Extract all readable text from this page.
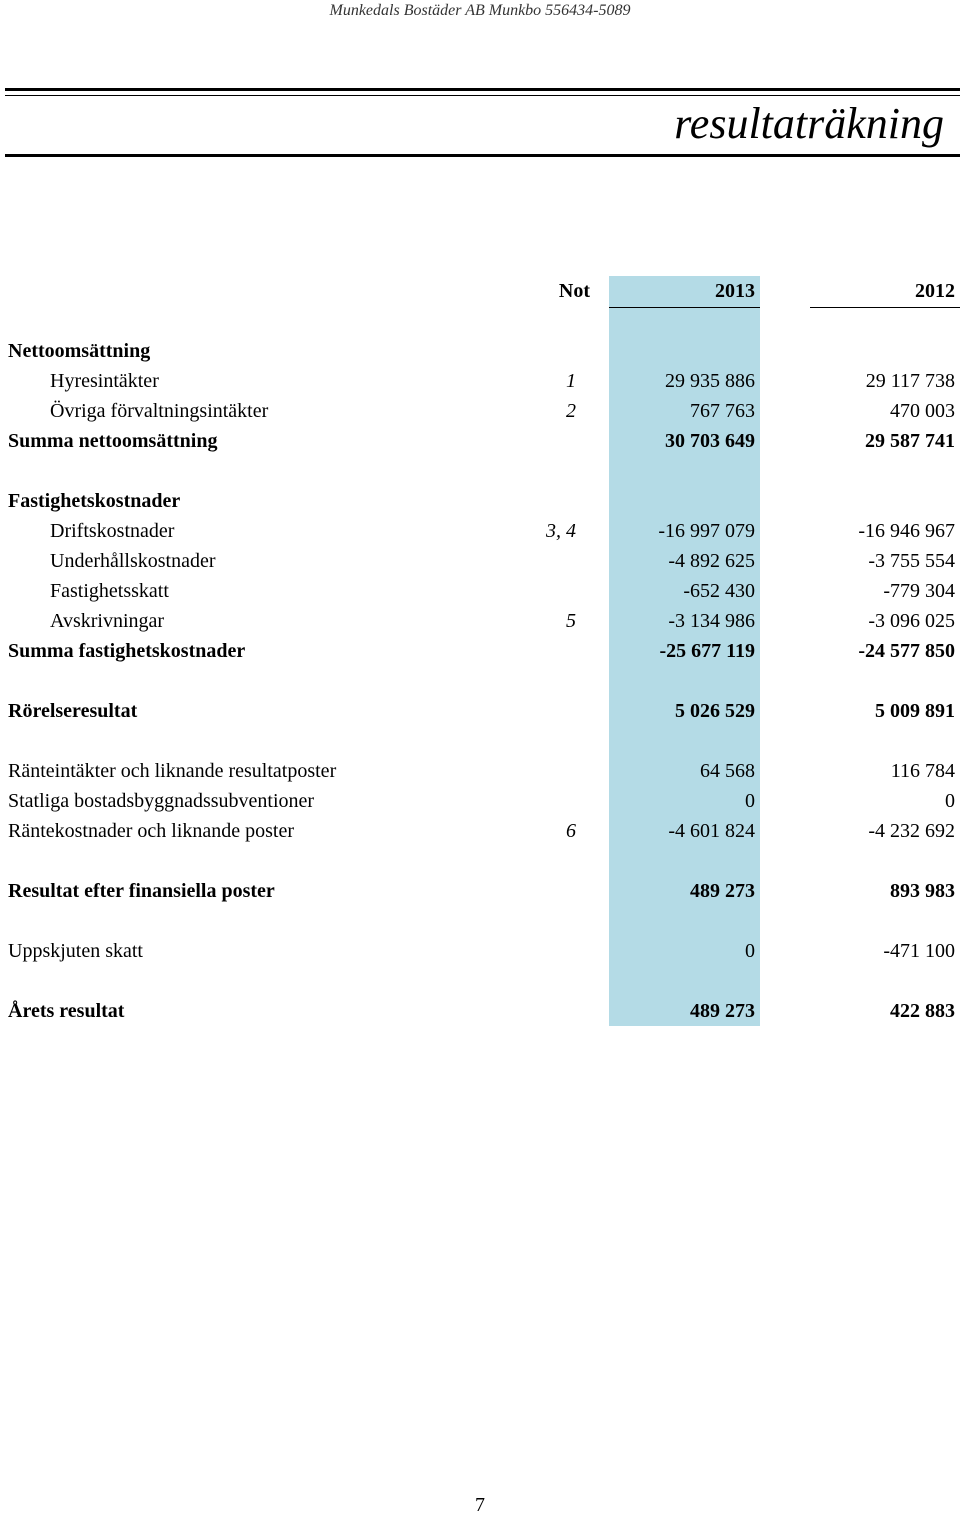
Munkedals Bostäder AB Munkbo 556434-5089
resultaträkning
Not	2013	2012
Nettoomsättning
Hyresintäkter	1	29 935 886	29 117 738
Övriga förvaltningsintäkter	2	767 763	470 003
Summa nettoomsättning	30 703 649	29 587 741
Fastighetskostnader
Driftskostnader	3, 4	-16 997 079	-16 946 967
Underhållskostnader	-4 892 625	-3 755 554
Fastighetsskatt	-652 430	-779 304
Avskrivningar	5	-3 134 986	-3 096 025
Summa fastighetskostnader	-25 677 119	-24 577 850
Rörelseresultat	5 026 529	5 009 891
Ränteintäkter och liknande resultatposter	64 568	116 784
Statliga bostadsbyggnadssubventioner	0	0
Räntekostnader och liknande poster	6	-4 601 824	-4 232 692
Resultat efter finansiella poster	489 273	893 983
Uppskjuten skatt	0	-471 100
Årets resultat	489 273	422 883
7
